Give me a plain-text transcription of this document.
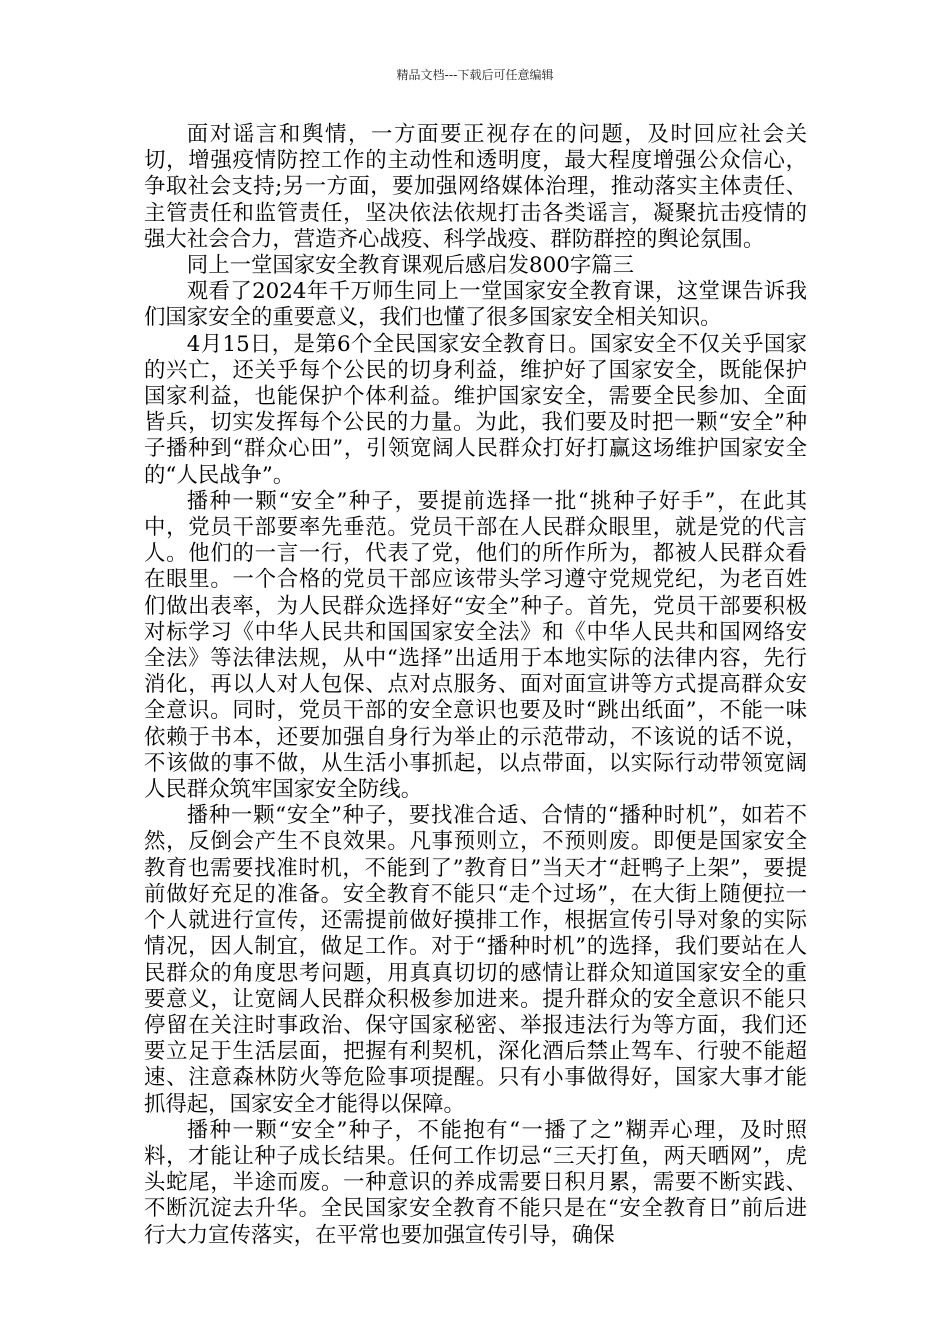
精品文档---下载后可任意编辑

面对谣言和舆情，一方面要正视存在的问题，及时回应社会关切，增强疫情防控工作的主动性和透明度，最大程度增强公众信心，争取社会支持;另一方面，要加强网络媒体治理，推动落实主体责任、主管责任和监管责任，坚决依法依规打击各类谣言，凝聚抗击疫情的强大社会合力，营造齐心战疫、科学战疫、群防群控的舆论氛围。

同上一堂国家安全教育课观后感启发800字篇三

观看了2024年千万师生同上一堂国家安全教育课，这堂课告诉我们国家安全的重要意义，我们也懂了很多国家安全相关知识。

4月15日，是第6个全民国家安全教育日。国家安全不仅关乎国家的兴亡，还关乎每个公民的切身利益，维护好了国家安全，既能保护国家利益，也能保护个体利益。维护国家安全，需要全民参加、全面皆兵，切实发挥每个公民的力量。为此，我们要及时把一颗“安全”种子播种到“群众心田”，引领宽阔人民群众打好打赢这场维护国家安全的“人民战争”。

播种一颗“安全”种子，要提前选择一批“挑种子好手”，在此其中，党员干部要率先垂范。党员干部在人民群众眼里，就是党的代言人。他们的一言一行，代表了党，他们的所作所为，都被人民群众看在眼里。一个合格的党员干部应该带头学习遵守党规党纪，为老百姓们做出表率，为人民群众选择好“安全”种子。首先，党员干部要积极对标学习《中华人民共和国国家安全法》和《中华人民共和国网络安全法》等法律法规，从中“选择”出适用于本地实际的法律内容，先行消化，再以人对人包保、点对点服务、面对面宣讲等方式提高群众安全意识。同时，党员干部的安全意识也要及时“跳出纸面”，不能一味依赖于书本，还要加强自身行为举止的示范带动，不该说的话不说，不该做的事不做，从生活小事抓起，以点带面，以实际行动带领宽阔人民群众筑牢国家安全防线。

播种一颗“安全”种子，要找准合适、合情的“播种时机”，如若不然，反倒会产生不良效果。凡事预则立，不预则废。即便是国家安全教育也需要找准时机，不能到了”教育日”当天才“赶鸭子上架”，要提前做好充足的准备。安全教育不能只“走个过场”，在大街上随便拉一个人就进行宣传，还需提前做好摸排工作，根据宣传引导对象的实际情况，因人制宜，做足工作。对于“播种时机”的选择，我们要站在人民群众的角度思考问题，用真真切切的感情让群众知道国家安全的重要意义，让宽阔人民群众积极参加进来。提升群众的安全意识不能只停留在关注时事政治、保守国家秘密、举报违法行为等方面，我们还要立足于生活层面，把握有利契机，深化酒后禁止驾车、行驶不能超速、注意森林防火等危险事项提醒。只有小事做得好，国家大事才能抓得起，国家安全才能得以保障。

播种一颗“安全”种子，不能抱有“一播了之”糊弄心理，及时照料，才能让种子成长结果。任何工作切忌“三天打鱼，两天晒网”，虎头蛇尾，半途而废。一种意识的养成需要日积月累，需要不断实践、不断沉淀去升华。全民国家安全教育不能只是在“安全教育日”前后进行大力宣传落实，在平常也要加强宣传引导，确保
